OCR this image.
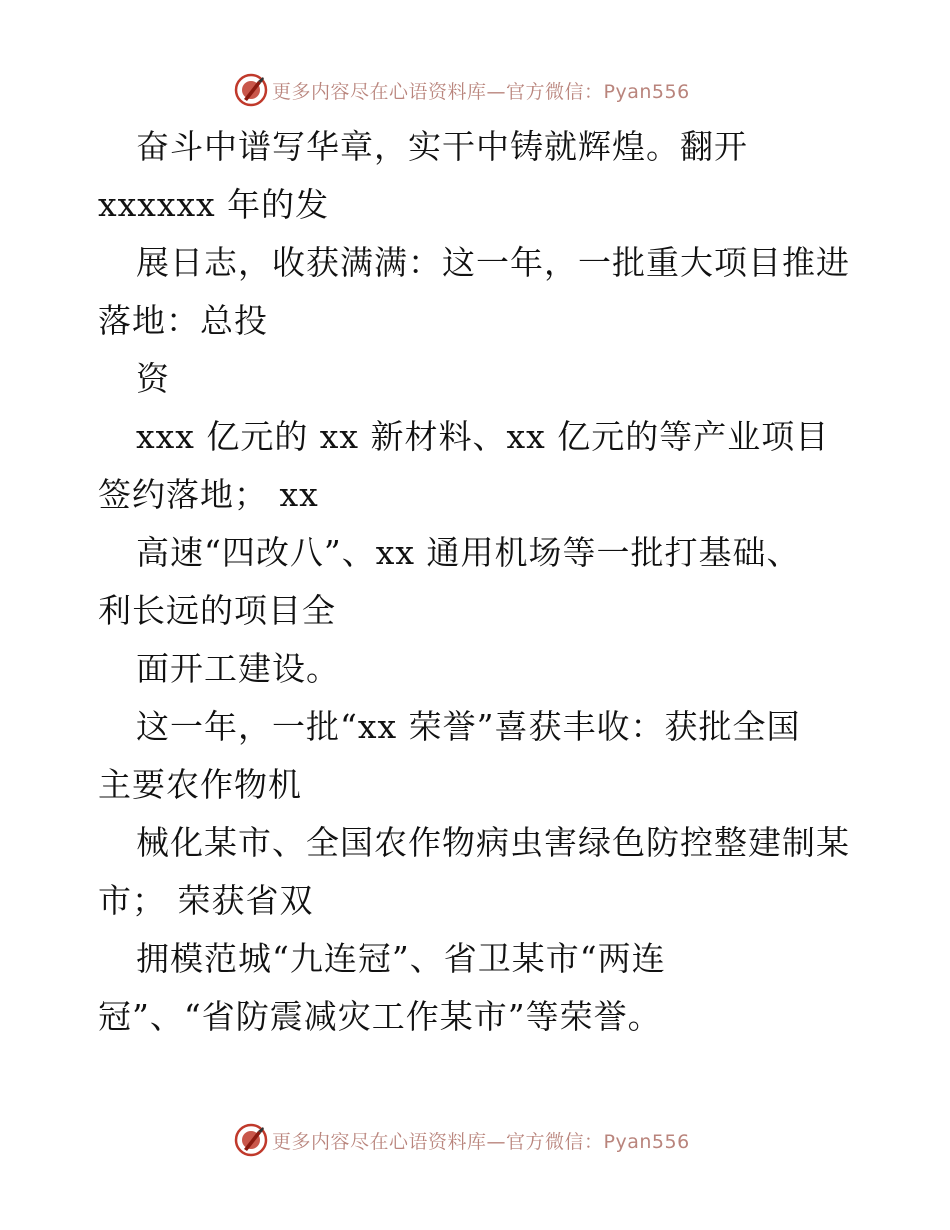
更多内容尽在心语资料库—官方微信：Pyan556
奋斗中谱写华章，实干中铸就辉煌。翻开
xxxxxx 年的发
展日志，收获满满：这一年，一批重大项目推进
落地：总投
资
xxx 亿元的 xx 新材料、xx 亿元的等产业项目
签约落地； xx
高速“四改八”、xx 通用机场等一批打基础、
利长远的项目全
面开工建设。
这一年，一批“xx 荣誉”喜获丰收：获批全国
主要农作物机
械化某市、全国农作物病虫害绿色防控整建制某
市； 荣获省双
拥模范城“九连冠”、省卫某市“两连
冠”、“省防震减灾工作某市”等荣誉。
更多内容尽在心语资料库—官方微信：Pyan556
